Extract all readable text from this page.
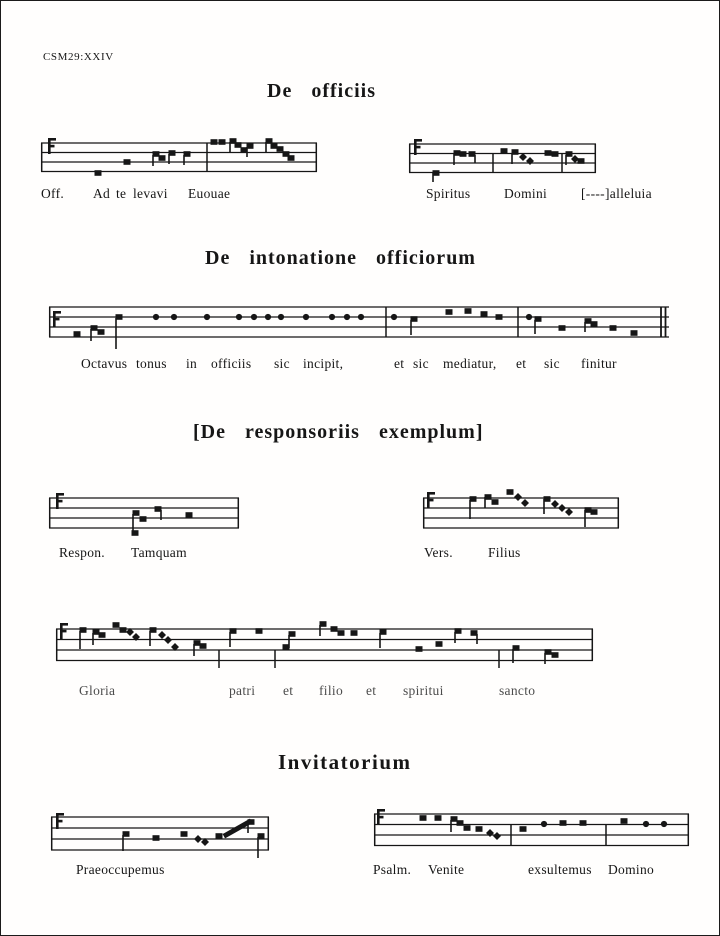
CSM29:XXIV
De officiis
De intonatione officiorum
[De responsoriis exemplum]
Invitatorium
Off. Ad te levavi Euouae	Spiritus Domini	[----]alleluia
Octavus tonus in officiis sic incipit,	et sic mediatur, et sic finitur
Respon. Tamquam	Vers.	Filius
Gloria	patri et filio et spiritui	sancto
Praeoccupemus	Psalm. Venite	exsultemus Domino
